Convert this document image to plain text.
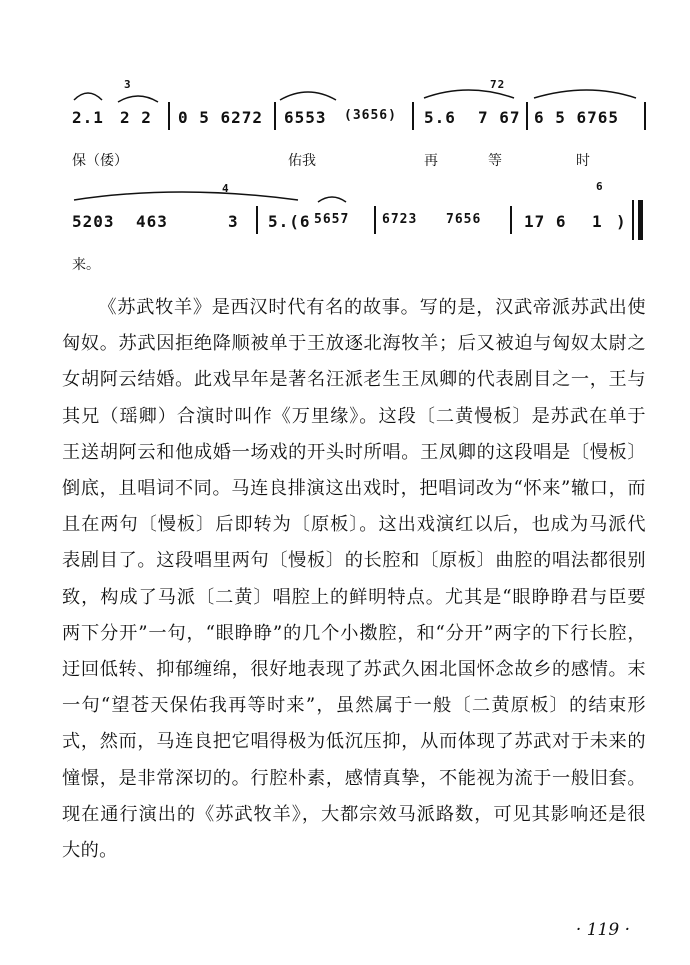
3	72
2.1 2 2 0 5 6272 6553 (3656) 5.6 7 67 6 5 6765
保（倭）	佑我	再	等	时
4	6
5203 463	3 5.(6 5657	6723 7656	17 6 1 )
来。
《苏武牧羊》是西汉时代有名的故事。写的是，汉武帝派苏武出使匈奴。苏武因拒绝降顺被单于王放逐北海牧羊；后又被迫与匈奴太尉之女胡阿云结婚。此戏早年是著名汪派老生王凤卿的代表剧目之一，王与其兄（瑶卿）合演时叫作《万里缘》。这段〔二黄慢板〕是苏武在单于王送胡阿云和他成婚一场戏的开头时所唱。王凤卿的这段唱是〔慢板〕倒底，且唱词不同。马连良排演这出戏时，把唱词改为“怀来”辙口，而且在两句〔慢板〕后即转为〔原板〕。这出戏演红以后，也成为马派代表剧目了。这段唱里两句〔慢板〕的长腔和〔原板〕曲腔的唱法都很别致，构成了马派〔二黄〕唱腔上的鲜明特点。尤其是“眼睁睁君与臣要两下分开”一句，“眼睁睁”的几个小擞腔，和“分开”两字的下行长腔，迂回低转、抑郁缠绵，很好地表现了苏武久困北国怀念故乡的感情。末一句“望苍天保佑我再等时来”，虽然属于一般〔二黄原板〕的结束形式，然而，马连良把它唱得极为低沉压抑，从而体现了苏武对于未来的憧憬，是非常深切的。行腔朴素，感情真挚，不能视为流于一般旧套。现在通行演出的《苏武牧羊》，大都宗效马派路数，可见其影响还是很大的。
· 119 ·
